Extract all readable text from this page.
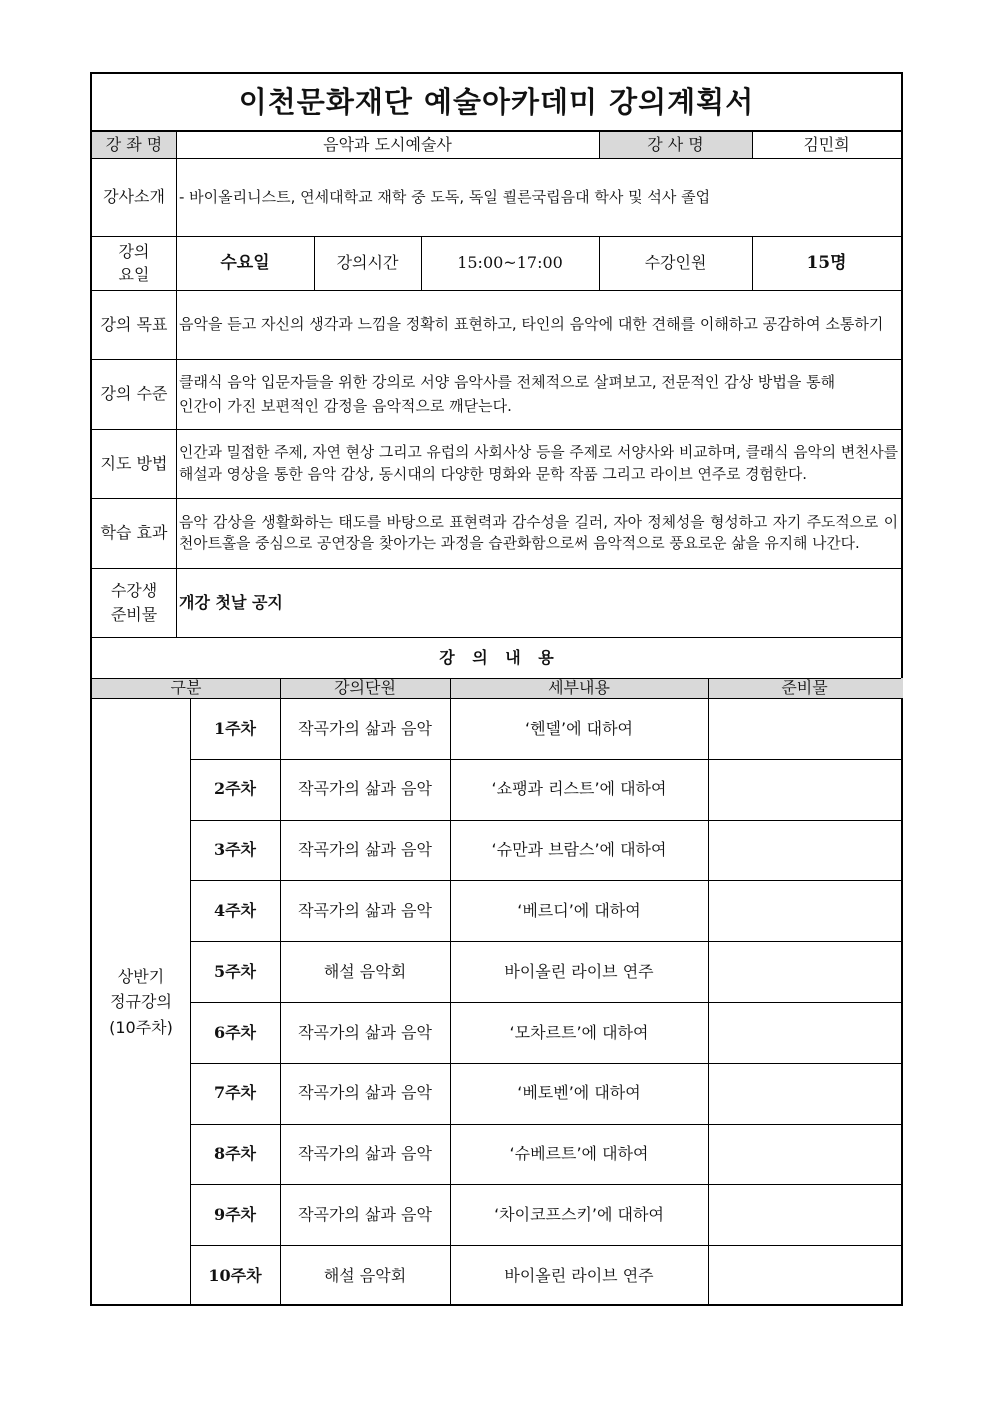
이천문화재단 예술아카데미 강의계획서
강 좌 명	음악과 도시예술사	강 사 명	김민희
강사소개 - 바이올리니스트, 연세대학교 재학 중 도독, 독일 쾰른국립음대 학사 및 석사 졸업
강의
요일
수요일	강의시간	15:00~17:00	수강인원	15명
강의 목표 음악을 듣고 자신의 생각과 느낌을 정확히 표현하고, 타인의 음악에 대한 견해를 이해하고 공감하여 소통하기
강의 수준
클래식 음악 입문자들을 위한 강의로 서양 음악사를 전체적으로 살펴보고, 전문적인 감상 방법을 통해 인간이 가진 보편적인 감정을 음악적으로 깨닫는다.
지도 방법
인간과 밀접한 주제, 자연 현상 그리고 유럽의 사회사상 등을 주제로 서양사와 비교하며, 클래식 음악의 변천사를 해설과 영상을 통한 음악 감상, 동시대의 다양한 명화와 문학 작품 그리고 라이브 연주로 경험한다.
학습 효과
음악 감상을 생활화하는 태도를 바탕으로 표현력과 감수성을 길러, 자아 정체성을 형성하고 자기 주도적으로 이천아트홀을 중심으로 공연장을 찾아가는 과정을 습관화함으로써 음악적으로 풍요로운 삶을 유지해 나간다.
수강생
준비물
개강 첫날 공지
강 의 내 용
구분	강의단원	세부내용	준비물
상반기
정규강의
(10주차)
1주차	작곡가의 삶과 음악	‘헨델’에 대하여
2주차	작곡가의 삶과 음악	‘쇼팽과 리스트’에 대하여
3주차	작곡가의 삶과 음악	‘슈만과 브람스’에 대하여
4주차	작곡가의 삶과 음악	‘베르디’에 대하여
5주차	해설 음악회	바이올린 라이브 연주
6주차	작곡가의 삶과 음악	‘모차르트’에 대하여
7주차	작곡가의 삶과 음악	‘베토벤’에 대하여
8주차	작곡가의 삶과 음악	‘슈베르트’에 대하여
9주차	작곡가의 삶과 음악	‘차이코프스키’에 대하여
10주차	해설 음악회	바이올린 라이브 연주
